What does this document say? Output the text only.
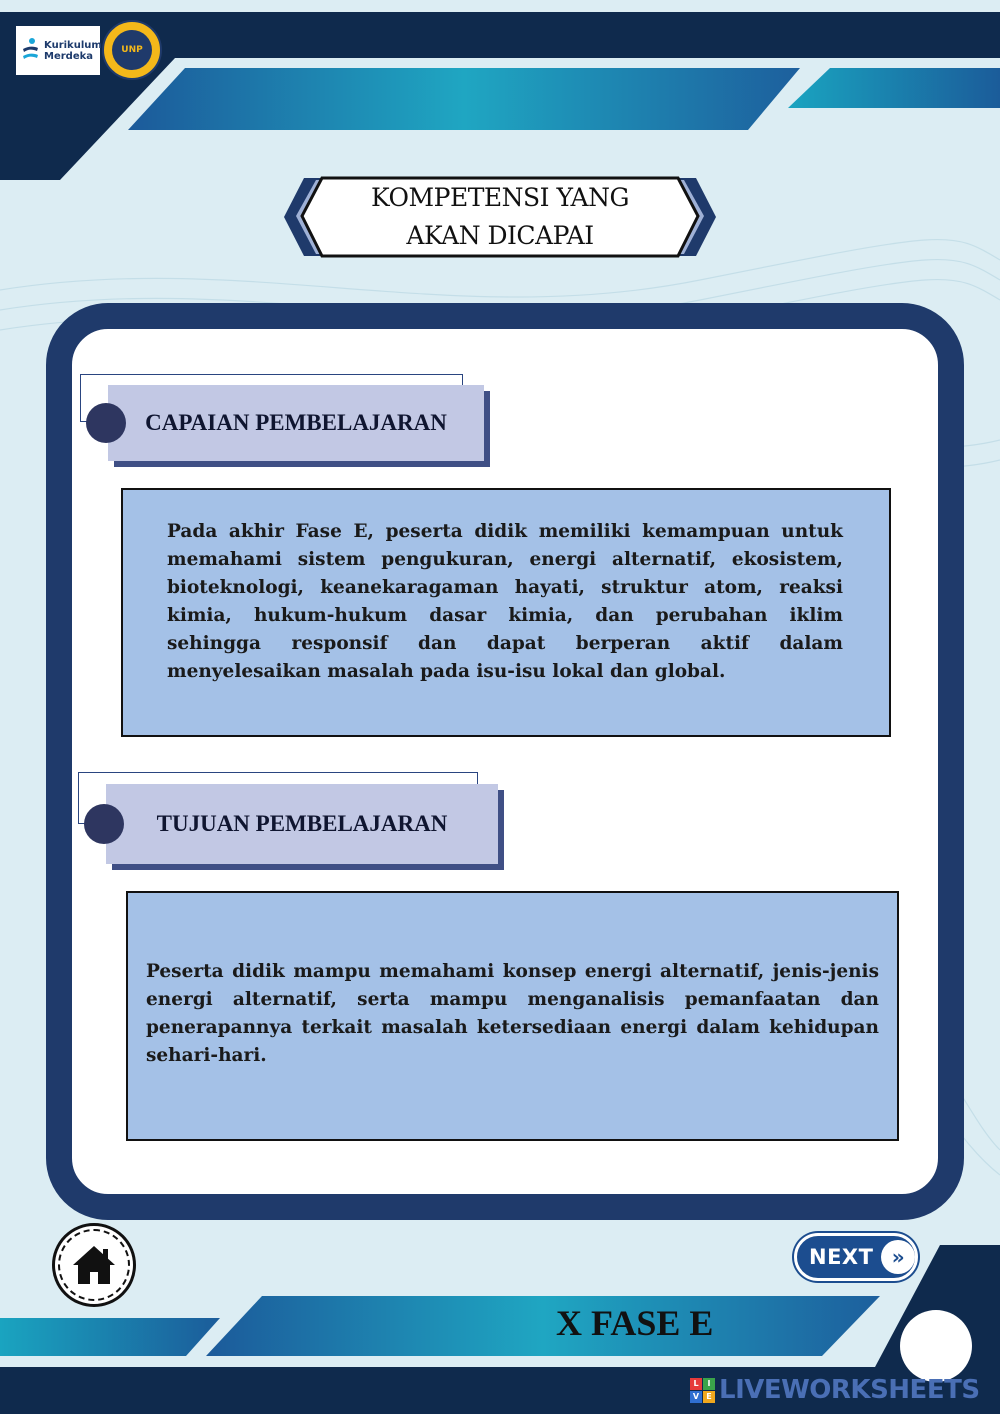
Kurikulum
Merdeka
UNP
KOMPETENSI YANG
AKAN DICAPAI
CAPAIAN PEMBELAJARAN

Pada akhir Fase E, peserta didik memiliki kemampuan untuk memahami sistem pengukuran, energi alternatif, ekosistem, bioteknologi, keanekaragaman hayati, struktur atom, reaksi kimia, hukum-hukum dasar kimia, dan perubahan iklim sehingga responsif dan dapat berperan aktif dalam menyelesaikan masalah pada isu-isu lokal dan global.

TUJUAN PEMBELAJARAN

Peserta didik mampu memahami konsep energi alternatif, jenis-jenis energi alternatif, serta mampu menganalisis pemanfaatan dan penerapannya terkait masalah ketersediaan energi dalam kehidupan sehari-hari.

NEXT »
X FASE E
L	I
V E LIVEWORKSHEETS
